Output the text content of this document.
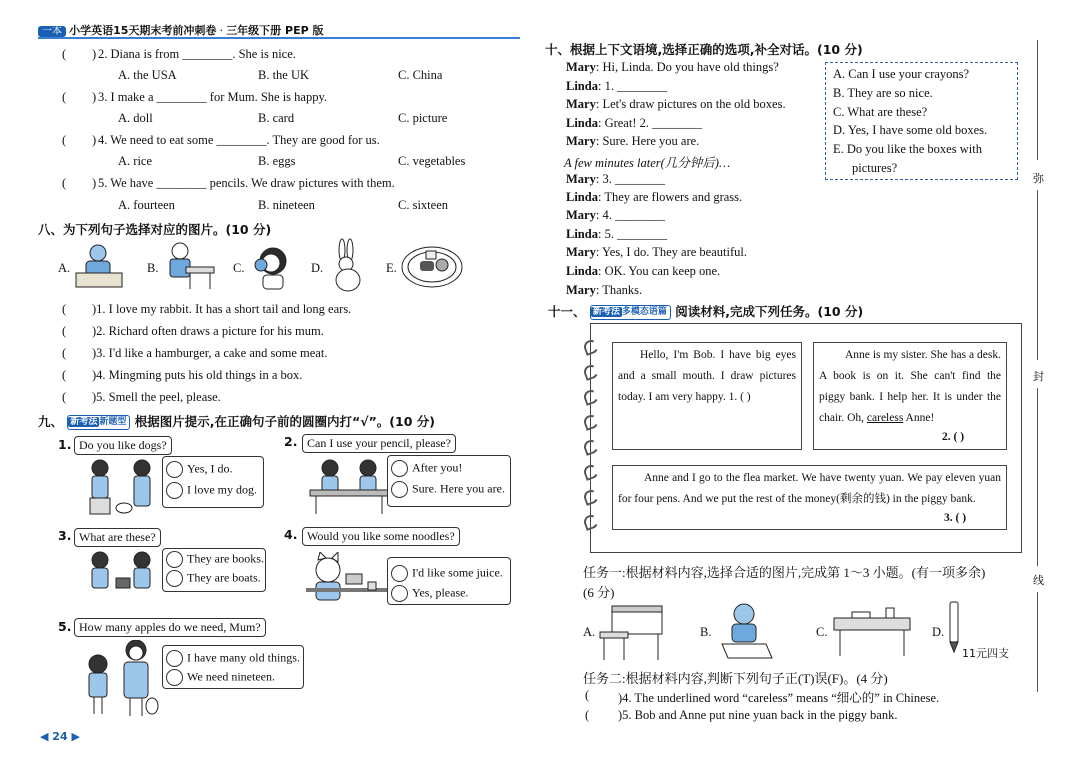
一本 小学英语15天期末考前冲刺卷 · 三年级下册 PEP 版
( ) 2. Diana is from ________. She is nice.
A. the USA	B. the UK	C. China
( ) 3. I make a ________ for Mum. She is happy.
A. doll	B. card	C. picture
( ) 4. We need to eat some ________. They are good for us.
A. rice	B. eggs	C. vegetables
( ) 5. We have ________ pencils. We draw pictures with them.
A. fourteen	B. nineteen	C. sixteen
八、为下列句子选择对应的图片。(10 分)
A.	B.	C.	D.	E.
( )1. I love my rabbit. It has a short tail and long ears.
( )2. Richard often draws a picture for his mum.
( )3. I'd like a hamburger, a cake and some meat.
( )4. Mingming puts his old things in a box.
( )5. Smell the peel, please.
九、 新考法 新题型 根据图片提示,在正确句子前的圆圈内打“√”。(10 分)
1. Do you like dogs?
Yes, I do.
I love my dog.
2. Can I use your pencil, please?
After you!
Sure. Here you are.
3. What are these?
They are books.
They are boats.
4. Would you like some noodles?
I'd like some juice.
Yes, please.
5. How many apples do we need, Mum?
I have many old things.
We need nineteen.
◀ 24 ▶
十、根据上下文语境,选择正确的选项,补全对话。(10 分)
Mary: Hi, Linda. Do you have old things?
Linda: 1. ________
Mary: Let's draw pictures on the old boxes.
Linda: Great! 2. ________
Mary: Sure. Here you are.
A few minutes later(几分钟后)…
Mary: 3. ________
Linda: They are flowers and grass.
Mary: 4. ________
Linda: 5. ________
Mary: Yes, I do. They are beautiful.
Linda: OK. You can keep one.
Mary: Thanks.
A. Can I use your crayons?
B. They are so nice.
C. What are these?
D. Yes, I have some old boxes.
E. Do you like the boxes with
pictures?
十一、 新考法 多模态语篇 阅读材料,完成下列任务。(10 分)
Hello, I'm Bob. I have big eyes and a small mouth. I draw pictures today. I am very happy. 1. ( )
Anne is my sister. She has a desk. A book is on it. She can't find the piggy bank. I help her. It is under the chair. Oh, careless Anne!
2. ( )
Anne and I go to the flea market. We have twenty yuan. We pay eleven yuan for four pens. And we put the rest of the money(剩余的钱) in the piggy bank.
3. ( )
任务一:根据材料内容,选择合适的图片,完成第 1～3 小题。(有一项多余)
(6 分)
A.	B.	C.	D.
11元四支
任务二:根据材料内容,判断下列句子正(T)误(F)。(4 分)
( )4. The underlined word “careless” means “细心的” in Chinese.
( )5. Bob and Anne put nine yuan back in the piggy bank.
弥
封
线
